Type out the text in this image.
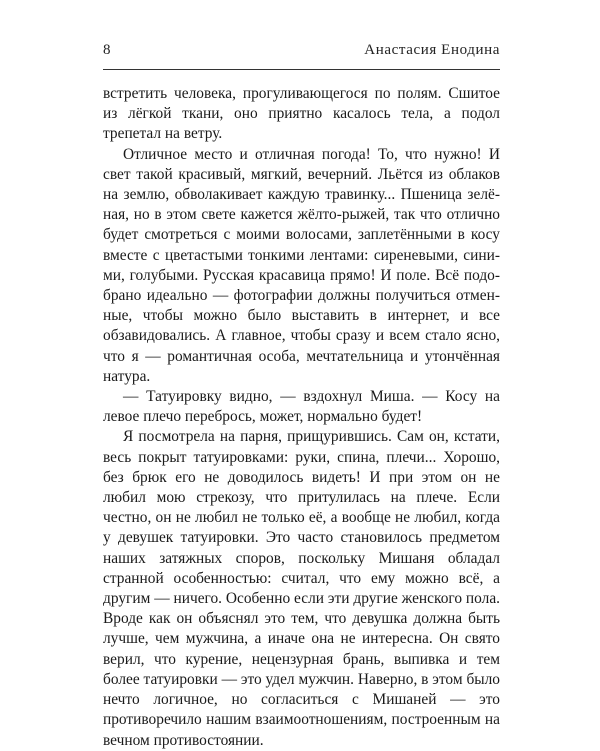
8	Анастасия Енодина

встретить человека, прогуливающегося по полям. Сшитое из лёгкой ткани, оно приятно касалось тела, а подол трепетал на ветру.

Отличное место и отличная погода! То, что нужно! И свет такой красивый, мягкий, вечерний. Льётся из облаков на землю, обволакивает каждую травинку... Пшеница зелёная, но в этом свете кажется жёлто-рыжей, так что отлично будет смотреться с моими волосами, заплетёнными в косу вместе с цветастыми тонкими лентами: сиреневыми, синими, голубыми. Русская красавица прямо! И поле. Всё подобрано идеально — фотографии должны получиться отменные, чтобы можно было выставить в интернет, и все обзавидовались. А главное, чтобы сразу и всем стало ясно, что я — романтичная особа, мечтательница и утончённая натура.

— Татуировку видно, — вздохнул Миша. — Косу на левое плечо перебрось, может, нормально будет!

Я посмотрела на парня, прищурившись. Сам он, кстати, весь покрыт татуировками: руки, спина, плечи... Хорошо, без брюк его не доводилось видеть! И при этом он не любил мою стрекозу, что притулилась на плече. Если честно, он не любил не только её, а вообще не любил, когда у девушек татуировки. Это часто становилось предметом наших затяжных споров, поскольку Мишаня обладал странной особенностью: считал, что ему можно всё, а другим — ничего. Особенно если эти другие женского пола. Вроде как он объяснял это тем, что девушка должна быть лучше, чем мужчина, а иначе она не интересна. Он свято верил, что курение, нецензурная брань, выпивка и тем более татуировки — это удел мужчин. Наверно, в этом было нечто логичное, но согласиться с Мишаней — это противоречило нашим взаимоотношениям, построенным на вечном противостоянии.
